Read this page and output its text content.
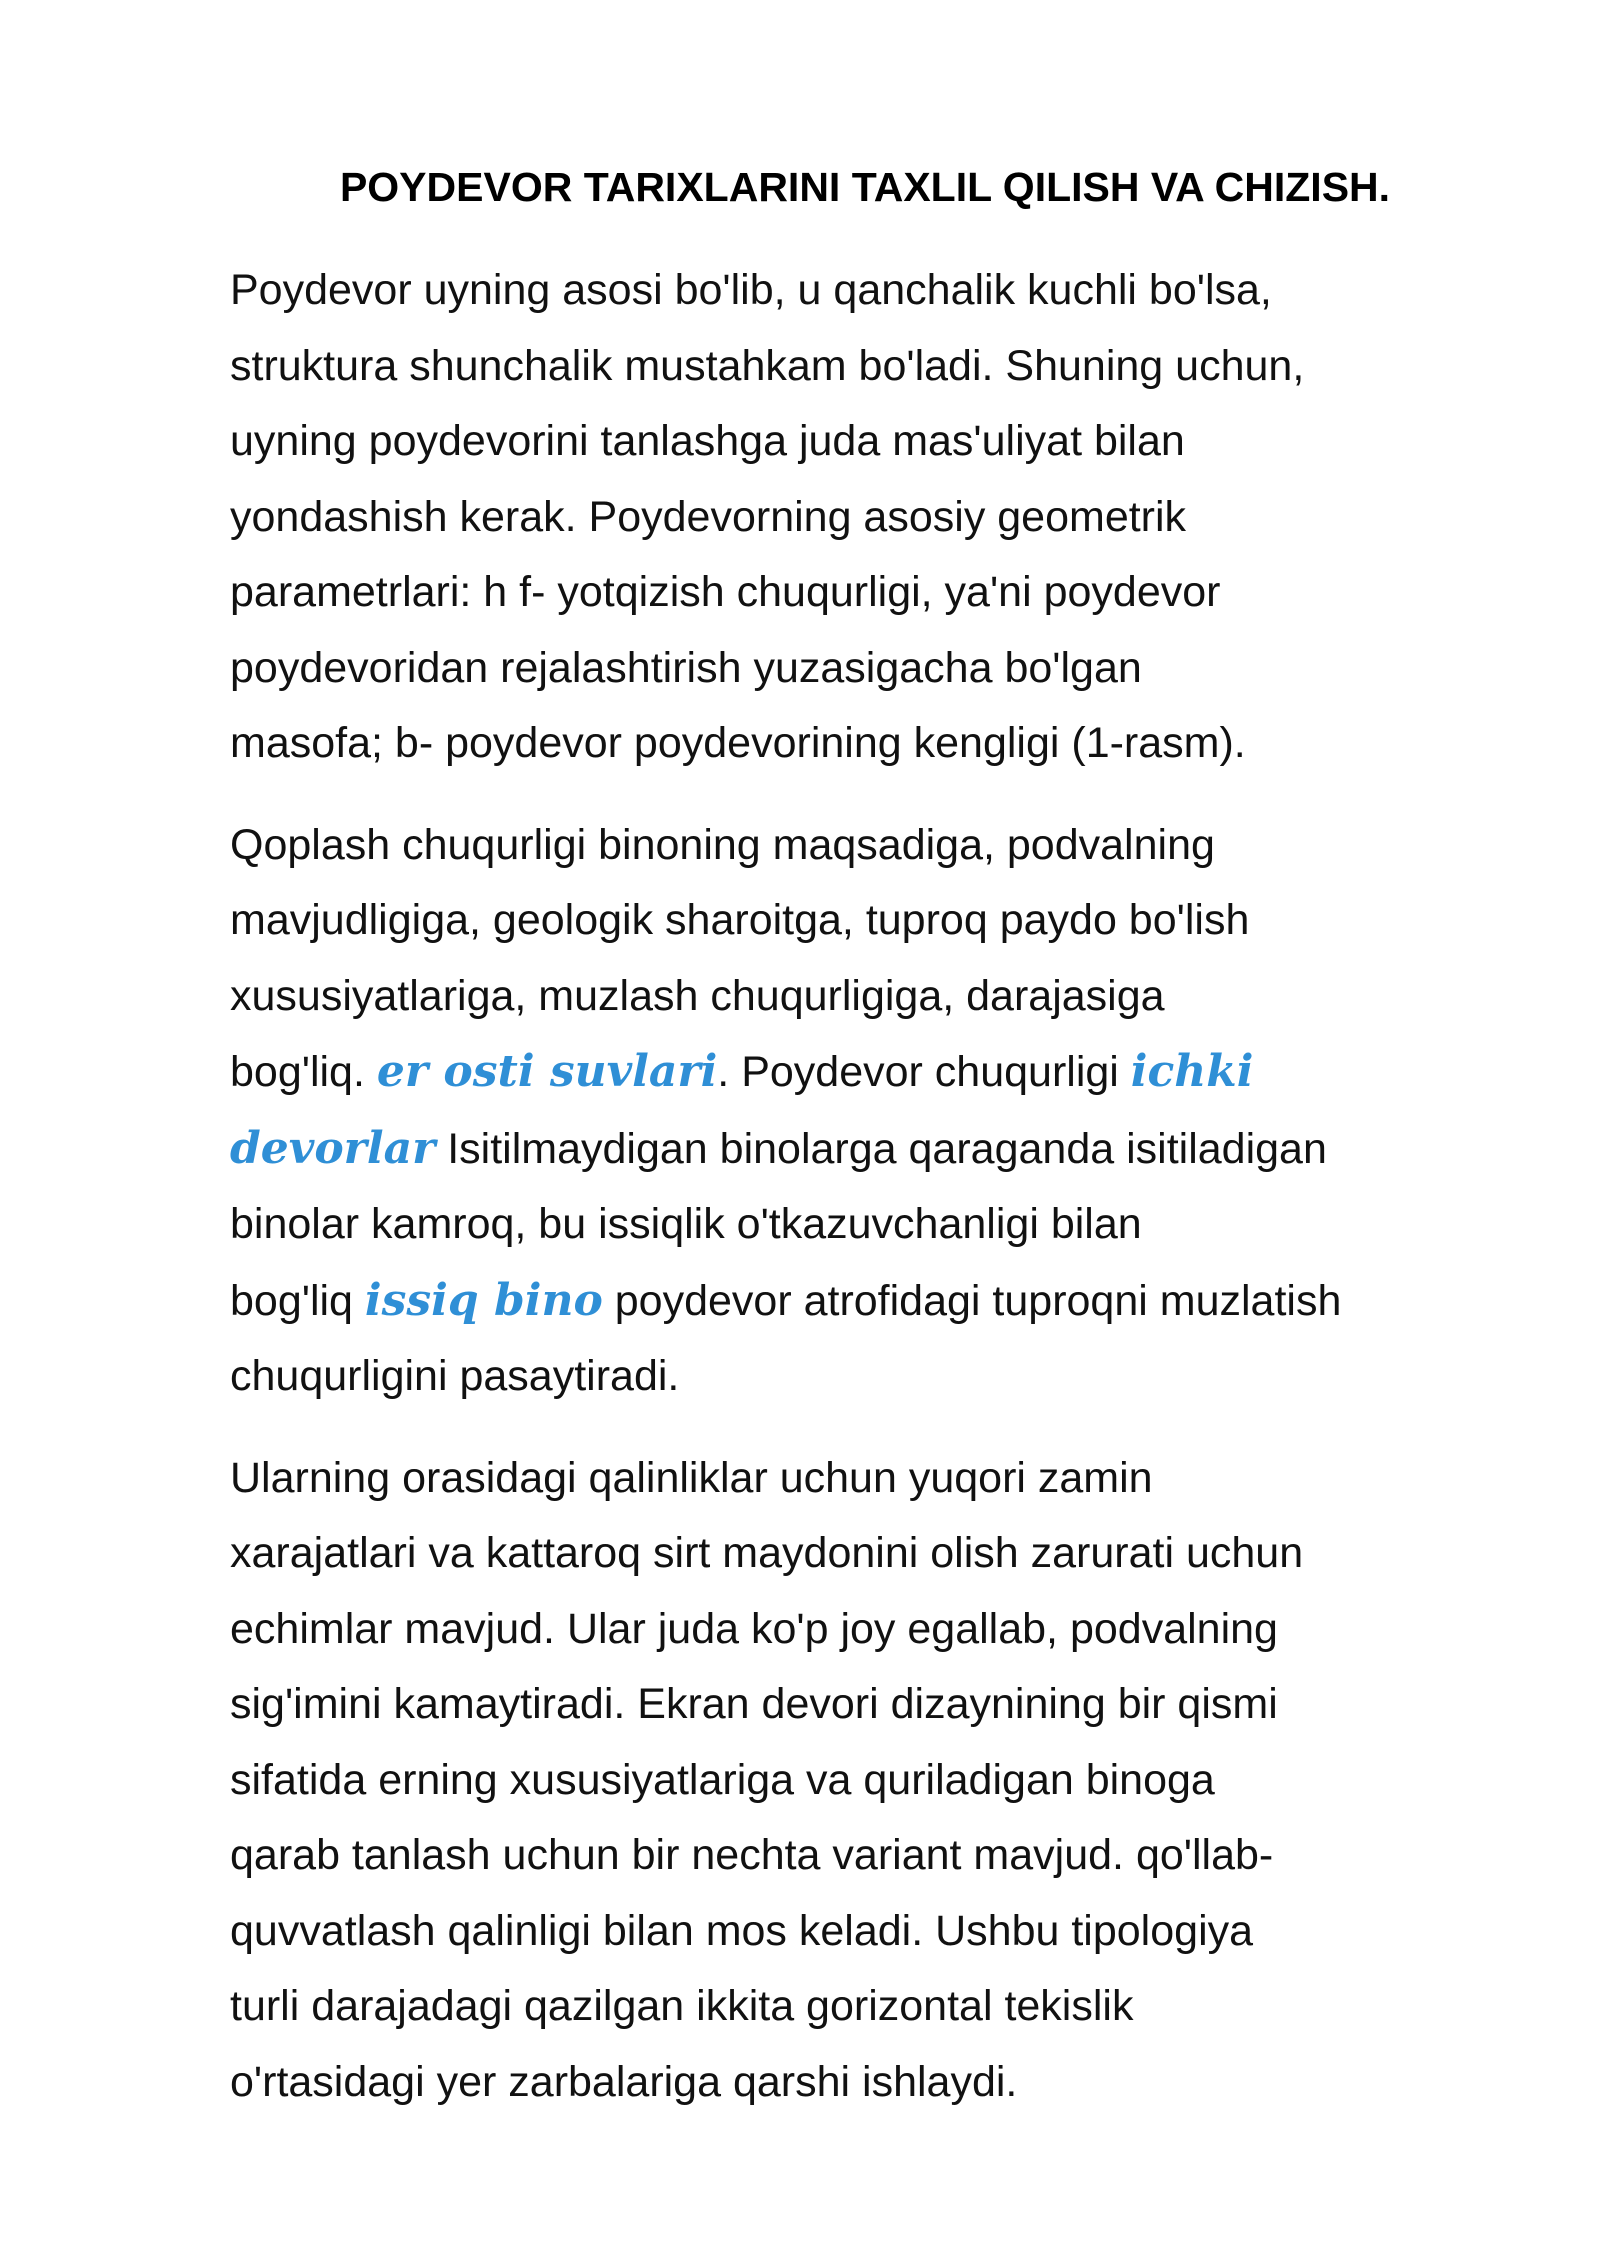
POYDEVOR TARIXLARINI TAXLIL QILISH VA CHIZISH.

Poydevor uyning asosi bo'lib, u qanchalik kuchli bo'lsa,
struktura shunchalik mustahkam bo'ladi. Shuning uchun,
uyning poydevorini tanlashga juda mas'uliyat bilan
yondashish kerak. Poydevorning asosiy geometrik
parametrlari: h f- yotqizish chuqurligi, ya'ni poydevor
poydevoridan rejalashtirish yuzasigacha bo'lgan
masofa; b- poydevor poydevorining kengligi (1-rasm).

Qoplash chuqurligi binoning maqsadiga, podvalning
mavjudligiga, geologik sharoitga, tuproq paydo bo'lish
xususiyatlariga, muzlash chuqurligiga, darajasiga
bog'liq. er osti suvlari. Poydevor chuqurligi ichki
devorlar Isitilmaydigan binolarga qaraganda isitiladigan
binolar kamroq, bu issiqlik o'tkazuvchanligi bilan
bog'liq issiq bino poydevor atrofidagi tuproqni muzlatish
chuqurligini pasaytiradi.

Ularning orasidagi qalinliklar uchun yuqori zamin
xarajatlari va kattaroq sirt maydonini olish zarurati uchun
echimlar mavjud. Ular juda ko'p joy egallab, podvalning
sig'imini kamaytiradi. Ekran devori dizaynining bir qismi
sifatida erning xususiyatlariga va quriladigan binoga
qarab tanlash uchun bir nechta variant mavjud. qo'llab-
quvvatlash qalinligi bilan mos keladi. Ushbu tipologiya
turli darajadagi qazilgan ikkita gorizontal tekislik
o'rtasidagi yer zarbalariga qarshi ishlaydi.
